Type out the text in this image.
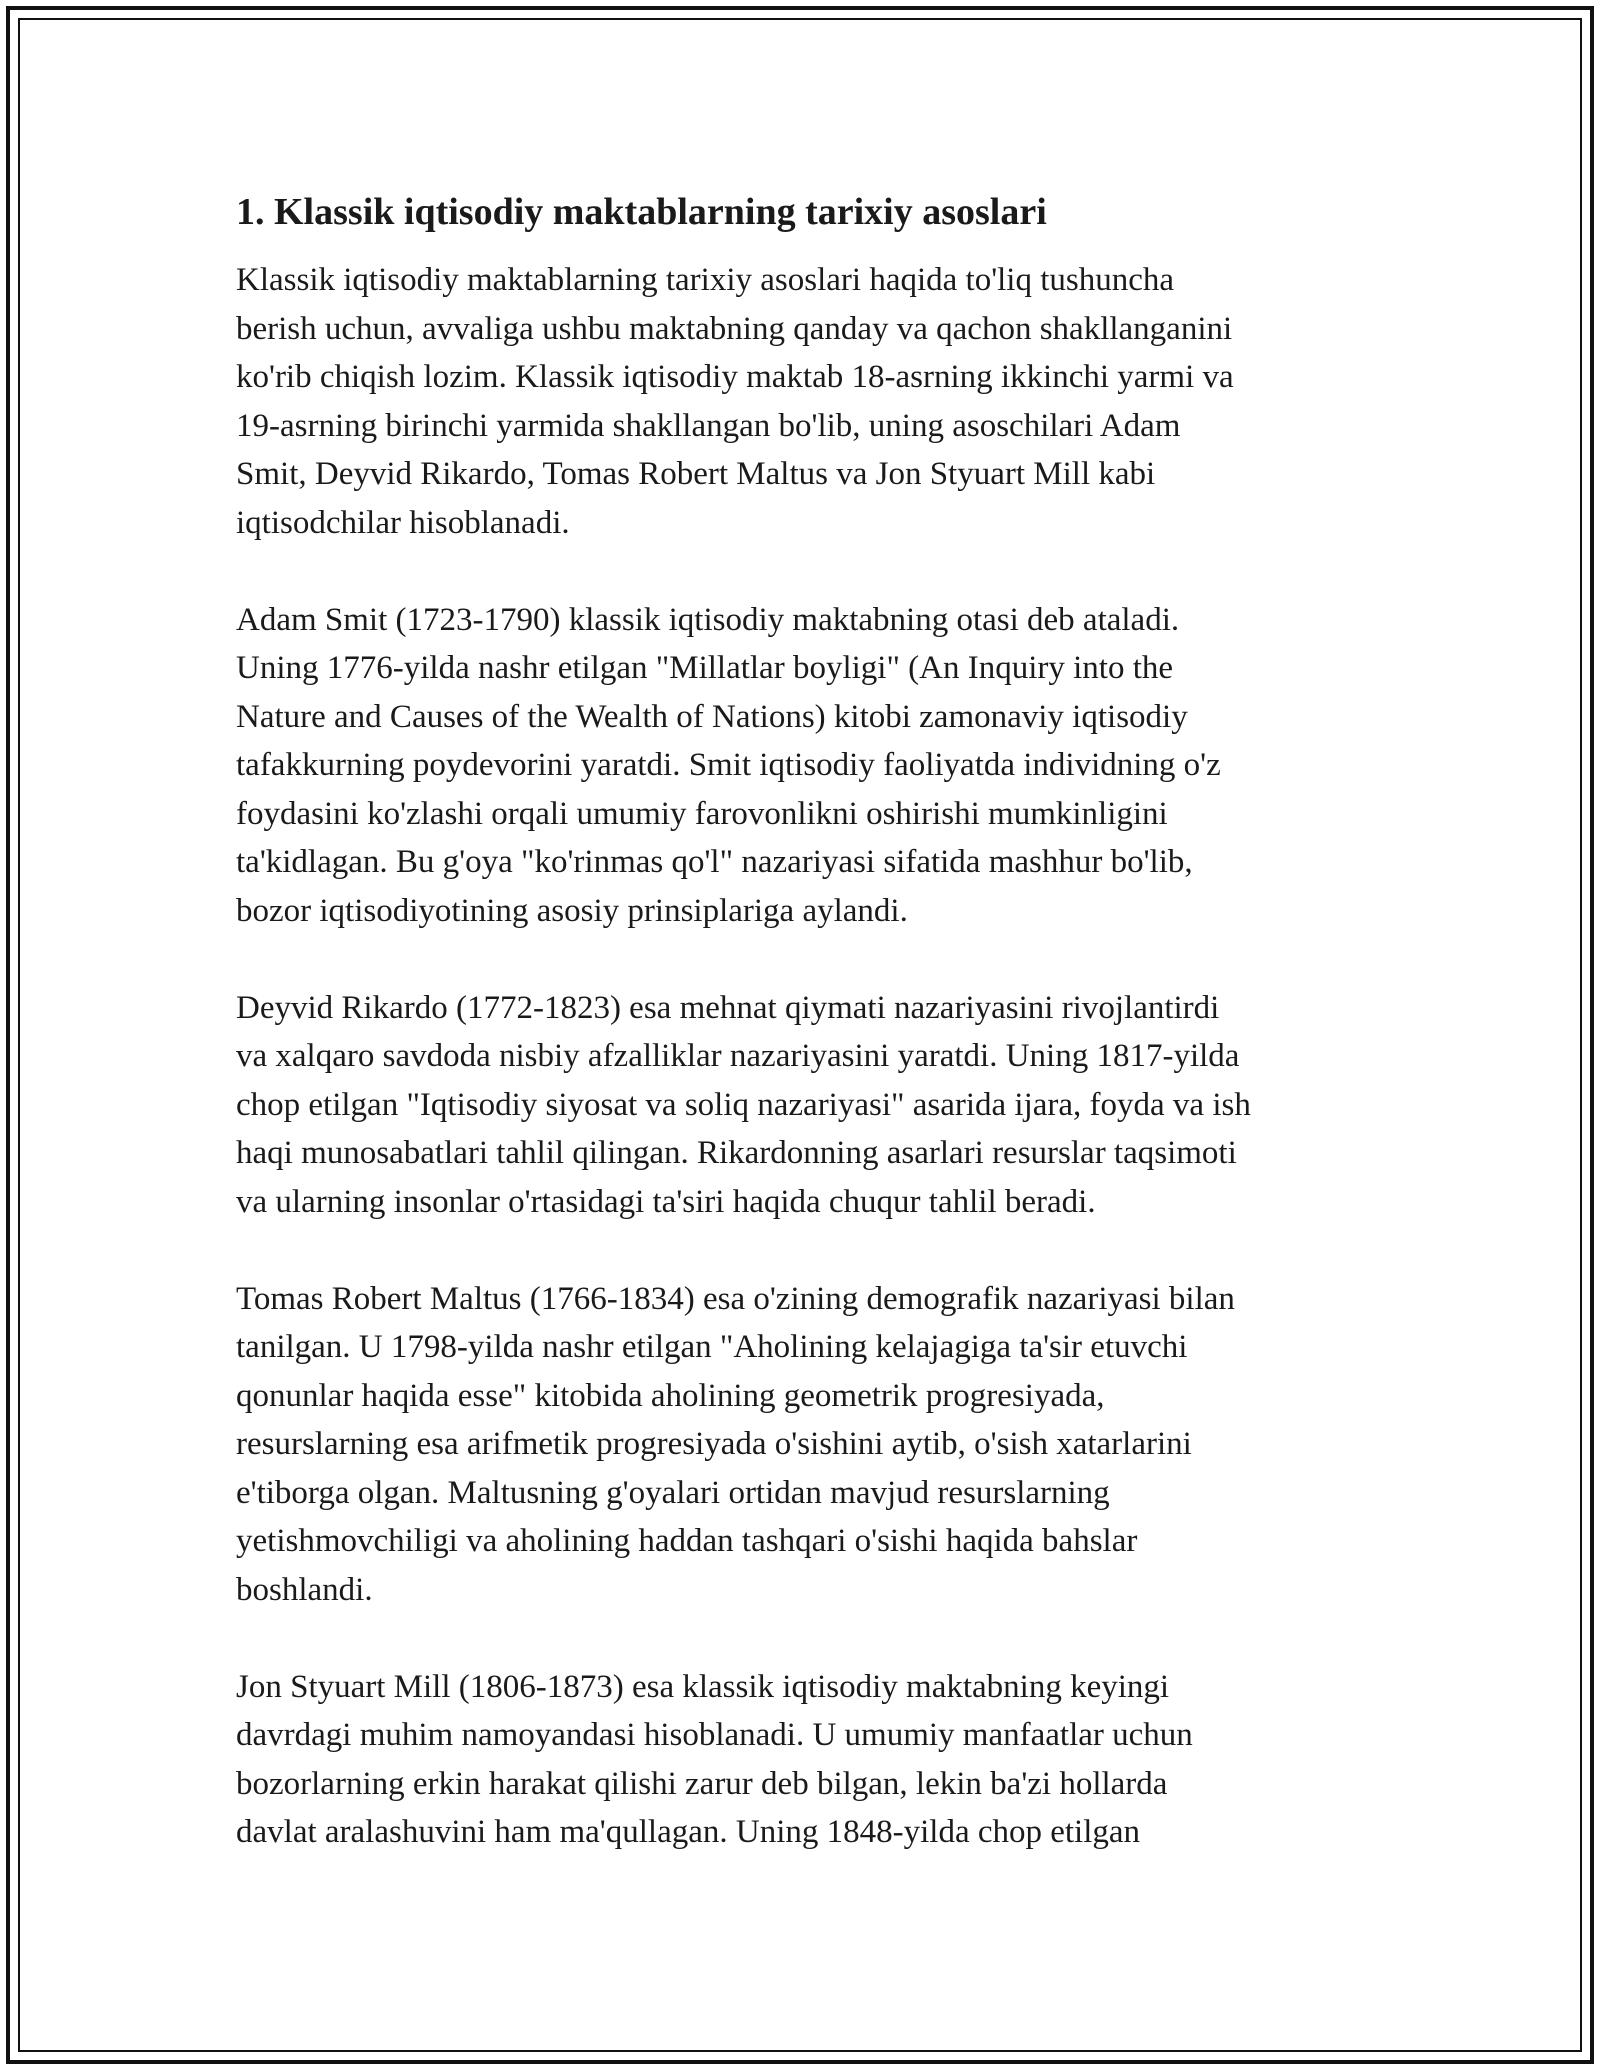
1. Klassik iqtisodiy maktablarning tarixiy asoslari

Klassik iqtisodiy maktablarning tarixiy asoslari haqida to'liq tushuncha
berish uchun, avvaliga ushbu maktabning qanday va qachon shakllanganini
ko'rib chiqish lozim. Klassik iqtisodiy maktab 18-asrning ikkinchi yarmi va
19-asrning birinchi yarmida shakllangan bo'lib, uning asoschilari Adam
Smit, Deyvid Rikardo, Tomas Robert Maltus va Jon Styuart Mill kabi
iqtisodchilar hisoblanadi.

Adam Smit (1723-1790) klassik iqtisodiy maktabning otasi deb ataladi.
Uning 1776-yilda nashr etilgan "Millatlar boyligi" (An Inquiry into the
Nature and Causes of the Wealth of Nations) kitobi zamonaviy iqtisodiy
tafakkurning poydevorini yaratdi. Smit iqtisodiy faoliyatda individning o'z
foydasini ko'zlashi orqali umumiy farovonlikni oshirishi mumkinligini
ta'kidlagan. Bu g'oya "ko'rinmas qo'l" nazariyasi sifatida mashhur bo'lib,
bozor iqtisodiyotining asosiy prinsiplariga aylandi.

Deyvid Rikardo (1772-1823) esa mehnat qiymati nazariyasini rivojlantirdi
va xalqaro savdoda nisbiy afzalliklar nazariyasini yaratdi. Uning 1817-yilda
chop etilgan "Iqtisodiy siyosat va soliq nazariyasi" asarida ijara, foyda va ish
haqi munosabatlari tahlil qilingan. Rikardonning asarlari resurslar taqsimoti
va ularning insonlar o'rtasidagi ta'siri haqida chuqur tahlil beradi.

Tomas Robert Maltus (1766-1834) esa o'zining demografik nazariyasi bilan
tanilgan. U 1798-yilda nashr etilgan "Aholining kelajagiga ta'sir etuvchi
qonunlar haqida esse" kitobida aholining geometrik progresiyada,
resurslarning esa arifmetik progresiyada o'sishini aytib, o'sish xatarlarini
e'tiborga olgan. Maltusning g'oyalari ortidan mavjud resurslarning
yetishmovchiligi va aholining haddan tashqari o'sishi haqida bahslar
boshlandi.

Jon Styuart Mill (1806-1873) esa klassik iqtisodiy maktabning keyingi
davrdagi muhim namoyandasi hisoblanadi. U umumiy manfaatlar uchun
bozorlarning erkin harakat qilishi zarur deb bilgan, lekin ba'zi hollarda
davlat aralashuvini ham ma'qullagan. Uning 1848-yilda chop etilgan
